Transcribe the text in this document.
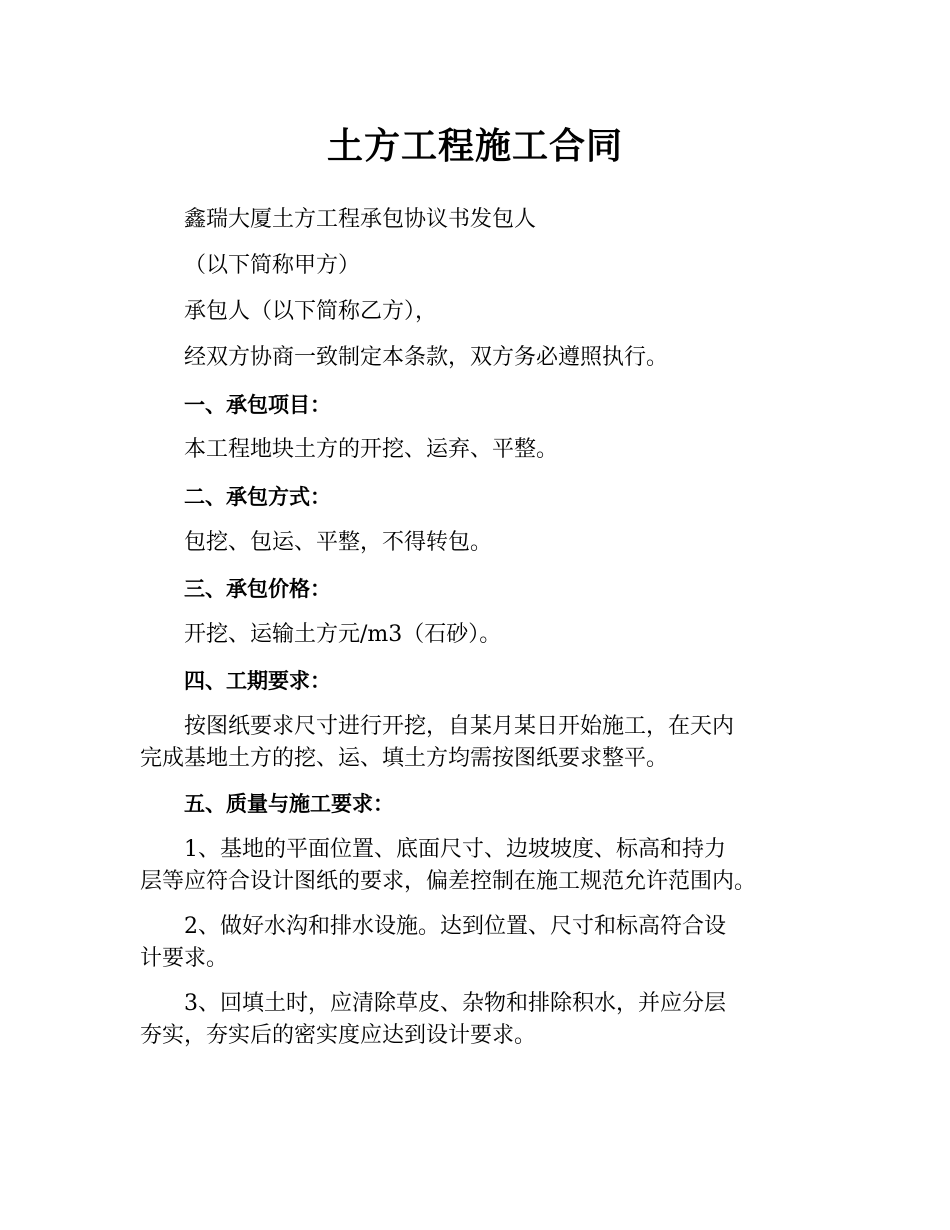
土方工程施工合同

鑫瑞大厦土方工程承包协议书发包人

（以下简称甲方）

承包人（以下简称乙方），

经双方协商一致制定本条款，双方务必遵照执行。

一、承包项目：

本工程地块土方的开挖、运弃、平整。

二、承包方式：

包挖、包运、平整，不得转包。

三、承包价格：

开挖、运输土方元/m3（石砂）。

四、工期要求：

按图纸要求尺寸进行开挖，自某月某日开始施工，在天内

完成基地土方的挖、运、填土方均需按图纸要求整平。

五、质量与施工要求：

1、基地的平面位置、底面尺寸、边坡坡度、标高和持力

层等应符合设计图纸的要求，偏差控制在施工规范允许范围内。

2、做好水沟和排水设施。达到位置、尺寸和标高符合设

计要求。

3、回填土时，应清除草皮、杂物和排除积水，并应分层

夯实，夯实后的密实度应达到设计要求。
